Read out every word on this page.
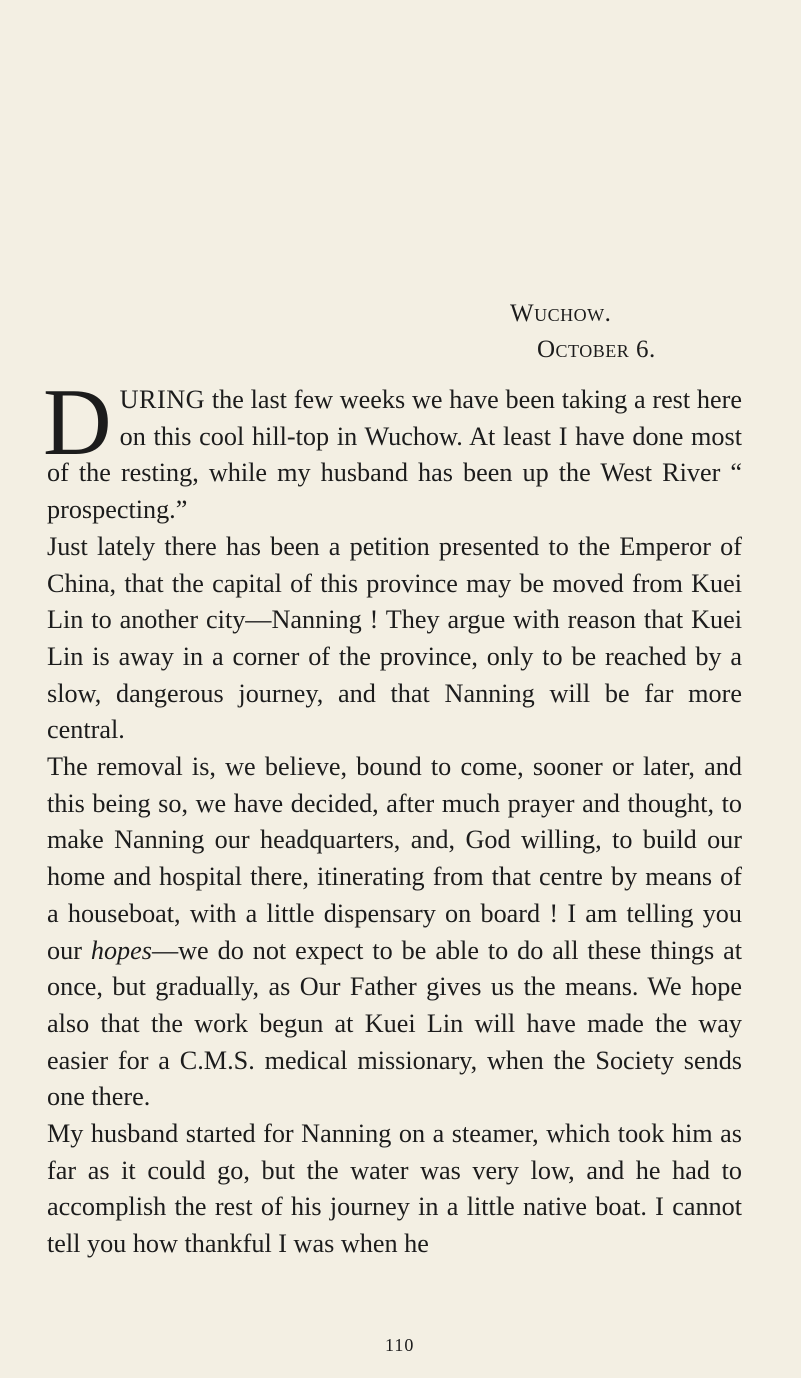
Wuchow.
October 6.

DURING the last few weeks we have been taking a rest here on this cool hill-top in Wuchow. At least I have done most of the resting, while my husband has been up the West River “ prospecting.”

Just lately there has been a petition presented to the Emperor of China, that the capital of this province may be moved from Kuei Lin to another city—Nanning ! They argue with reason that Kuei Lin is away in a corner of the province, only to be reached by a slow, dangerous journey, and that Nanning will be far more central.

The removal is, we believe, bound to come, sooner or later, and this being so, we have decided, after much prayer and thought, to make Nanning our headquarters, and, God willing, to build our home and hospital there, itinerating from that centre by means of a houseboat, with a little dispensary on board ! I am telling you our hopes—we do not expect to be able to do all these things at once, but gradually, as Our Father gives us the means. We hope also that the work begun at Kuei Lin will have made the way easier for a C.M.S. medical missionary, when the Society sends one there.

My husband started for Nanning on a steamer, which took him as far as it could go, but the water was very low, and he had to accomplish the rest of his journey in a little native boat. I cannot tell you how thankful I was when he

110
